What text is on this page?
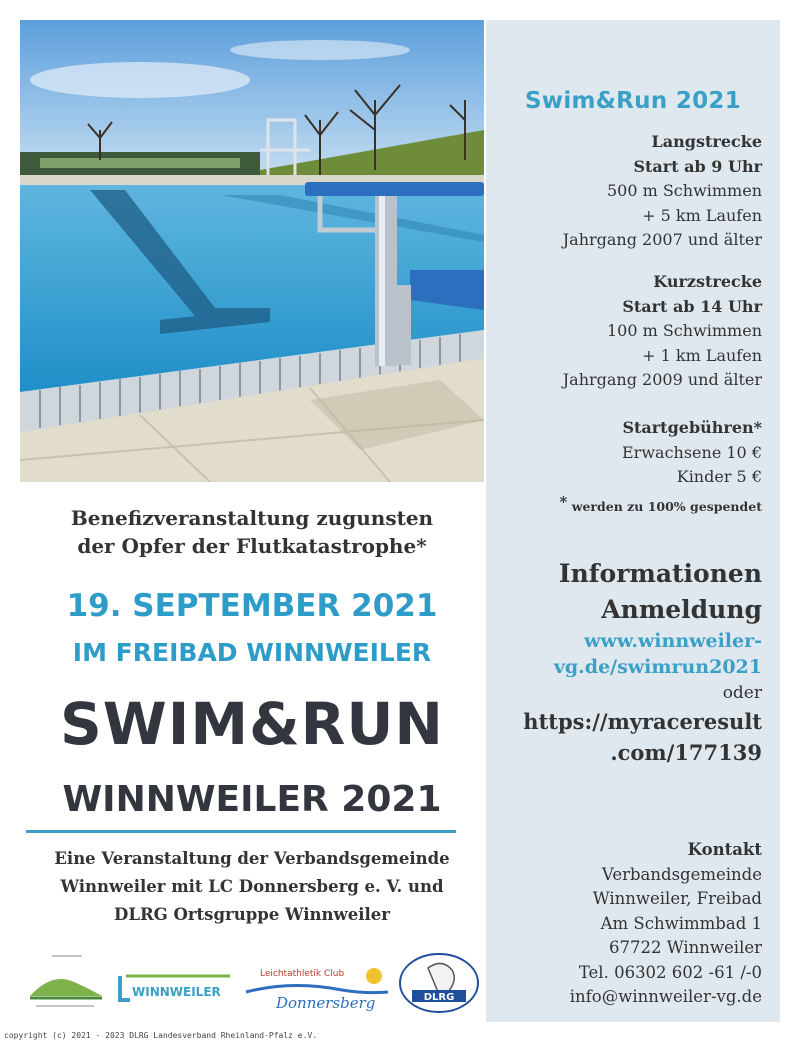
Swim&Run 2021
Langstrecke
Start ab 9 Uhr
500 m Schwimmen
+ 5 km Laufen
Jahrgang 2007 und älter
Kurzstrecke
Start ab 14 Uhr
100 m Schwimmen
+ 1 km Laufen
Jahrgang 2009 und älter
Startgebühren*
Erwachsene 10 €
Kinder 5 €
* werden zu 100% gespendet
Informationen
Anmeldung
www.winnweiler-
vg.de/swimrun2021
oder
https://myraceresult
.com/177139
Kontakt
Verbandsgemeinde
Winnweiler, Freibad
Am Schwimmbad 1
67722 Winnweiler
Tel. 06302 602 -61 /-0
info@winnweiler-vg.de
Benefizveranstaltung zugunsten
der Opfer der Flutkatastrophe*
19. SEPTEMBER 2021
IM FREIBAD WINNWEILER
SWIM&RUN
WINNWEILER 2021
Eine Veranstaltung der Verbandsgemeinde
Winnweiler mit LC Donnersberg e. V. und
DLRG Ortsgruppe Winnweiler
WINNWEILER
Leichtathletik Club
Donnersberg	DLRG
copyright (c) 2021 - 2023 DLRG Landesverband Rheinland-Pfalz e.V.
